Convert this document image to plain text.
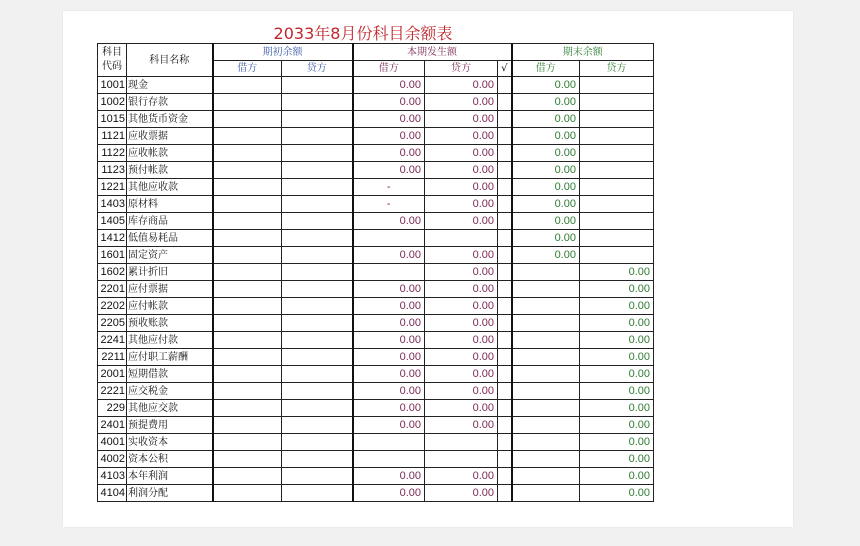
2033年8月份科目余额表
科目
代码	科目名称	期初余额		本期发生额			期末余额	
		借方	贷方	借方	贷方	√	借方	贷方
1001	现金			0.00	0.00		0.00	
1002	银行存款			0.00	0.00		0.00	
1015	其他货币资金			0.00	0.00		0.00	
1121	应收票据			0.00	0.00		0.00	
1122	应收帐款			0.00	0.00		0.00	
1123	预付帐款			0.00	0.00		0.00	
1221	其他应收款			-	0.00		0.00	
1403	原材料			-	0.00		0.00	
1405	库存商品			0.00	0.00		0.00	
1412	低值易耗品						0.00	
1601	固定资产			0.00	0.00		0.00	
1602	累计折旧				0.00			0.00
2201	应付票据			0.00	0.00			0.00
2202	应付帐款			0.00	0.00			0.00
2205	预收账款			0.00	0.00			0.00
2241	其他应付款			0.00	0.00			0.00
2211	应付职工薪酬			0.00	0.00			0.00
2001	短期借款			0.00	0.00			0.00
2221	应交税金			0.00	0.00			0.00
229	其他应交款			0.00	0.00			0.00
2401	预提费用			0.00	0.00			0.00
4001	实收资本							0.00
4002	资本公积							0.00
4103	本年利润			0.00	0.00			0.00
4104	利润分配			0.00	0.00			0.00
